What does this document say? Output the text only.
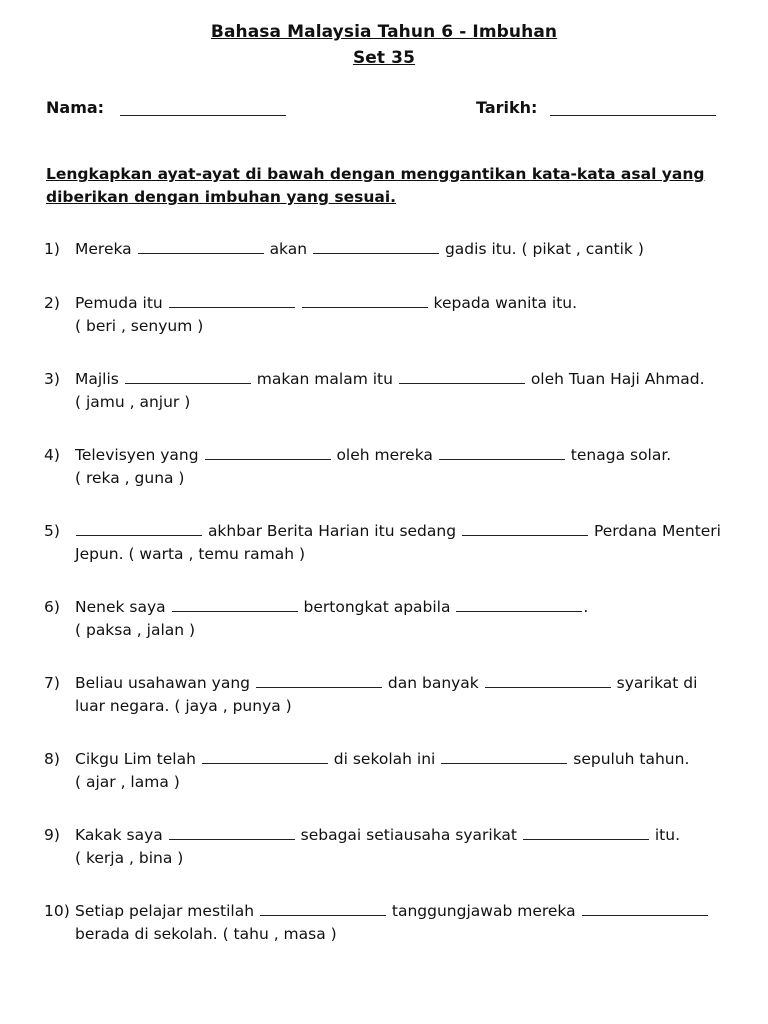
Bahasa Malaysia Tahun 6 - Imbuhan
Set 35
Nama:	Tarikh:
Lengkapkan ayat-ayat di bawah dengan menggantikan kata-kata asal yang
diberikan dengan imbuhan yang sesuai.
1) Mereka	akan	gadis itu. ( pikat , cantik )
2) Pemuda itu	kepada wanita itu.
( beri , senyum )
3) Majlis	makan malam itu	oleh Tuan Haji Ahmad.
( jamu , anjur )
4) Televisyen yang	oleh mereka	tenaga solar.
( reka , guna )
5)	akhbar Berita Harian itu sedang	Perdana Menteri
Jepun. ( warta , temu ramah )
6) Nenek saya	bertongkat apabila	.
( paksa , jalan )
7) Beliau usahawan yang	dan banyak	syarikat di
luar negara. ( jaya , punya )
8) Cikgu Lim telah	di sekolah ini	sepuluh tahun.
( ajar , lama )
9) Kakak saya	sebagai setiausaha syarikat	itu.
( kerja , bina )
10) Setiap pelajar mestilah	tanggungjawab mereka
berada di sekolah. ( tahu , masa )
